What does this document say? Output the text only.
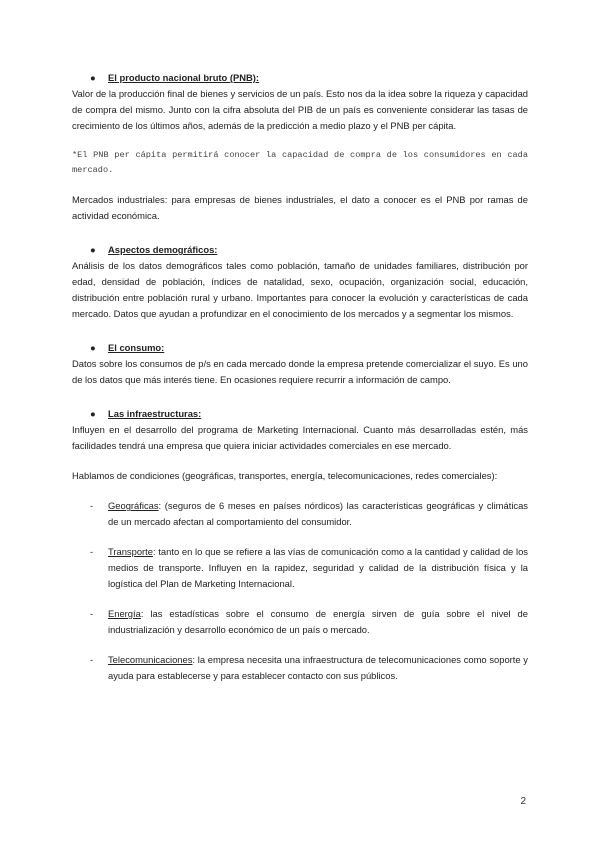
● El producto nacional bruto (PNB):

Valor de la producción final de bienes y servicios de un país. Esto nos da la idea sobre la riqueza y capacidad de compra del mismo. Junto con la cifra absoluta del PIB de un país es conveniente considerar las tasas de crecimiento de los últimos años, además de la predicción a medio plazo y el PNB per cápita.

*El PNB per cápita permitirá conocer la capacidad de compra de los consumidores en cada mercado.

Mercados industriales: para empresas de bienes industriales, el dato a conocer es el PNB por ramas de actividad económica.

● Aspectos demográficos:

Análisis de los datos demográficos tales como población, tamaño de unidades familiares, distribución por edad, densidad de población, índices de natalidad, sexo, ocupación, organización social, educación, distribución entre población rural y urbano. Importantes para conocer la evolución y características de cada mercado. Datos que ayudan a profundizar en el conocimiento de los mercados y a segmentar los mismos.

● El consumo:

Datos sobre los consumos de p/s en cada mercado donde la empresa pretende comercializar el suyo. Es uno de los datos que más interés tiene. En ocasiones requiere recurrir a información de campo.

● Las infraestructuras:

Influyen en el desarrollo del programa de Marketing Internacional. Cuanto más desarrolladas estén, más facilidades tendrá una empresa que quiera iniciar actividades comerciales en ese mercado.

Hablamos de condiciones (geográficas, transportes, energía, telecomunicaciones, redes comerciales):

- Geográficas: (seguros de 6 meses en países nórdicos) las características geográficas y climáticas de un mercado afectan al comportamiento del consumidor.
- Transporte: tanto en lo que se refiere a las vías de comunicación como a la cantidad y calidad de los medios de transporte. Influyen en la rapidez, seguridad y calidad de la distribución física y la logística del Plan de Marketing Internacional.
- Energía: las estadísticas sobre el consumo de energía sirven de guía sobre el nivel de industrialización y desarrollo económico de un país o mercado.
- Telecomunicaciones: la empresa necesita una infraestructura de telecomunicaciones como soporte y ayuda para establecerse y para establecer contacto con sus públicos.
2
